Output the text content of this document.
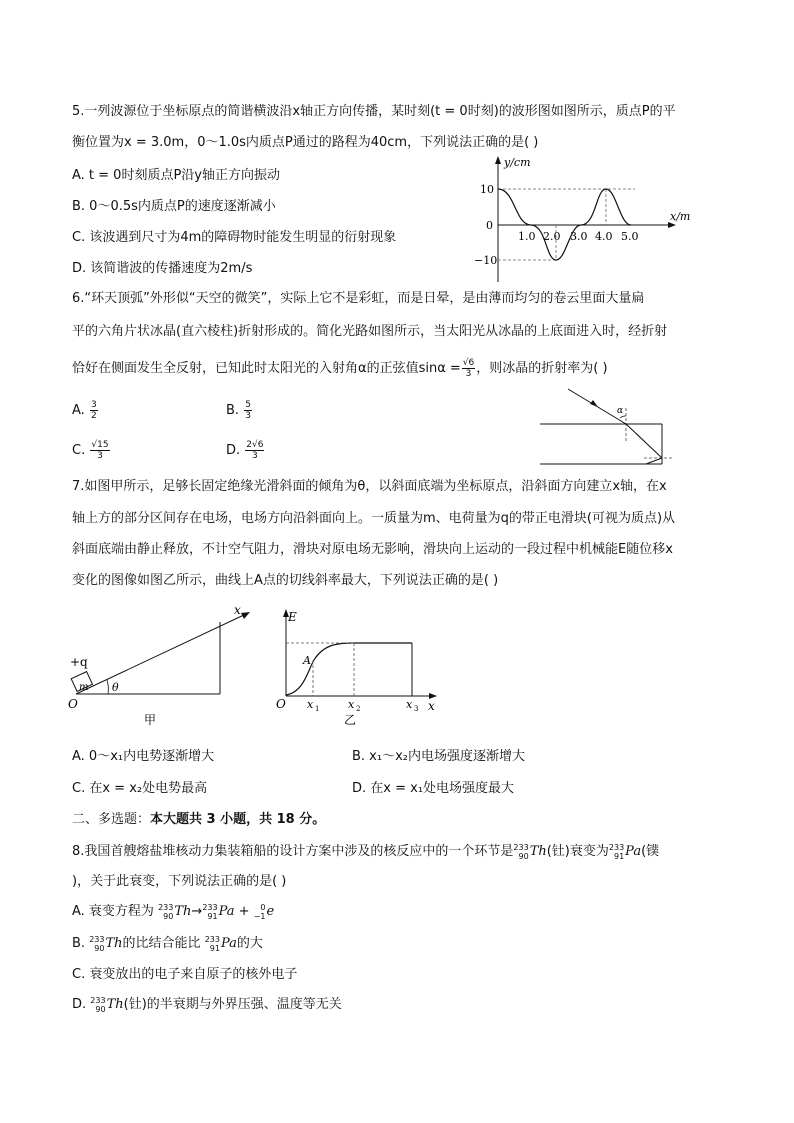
5.一列波源位于坐标原点的简谐横波沿x轴正方向传播，某时刻(t = 0时刻)的波形图如图所示，质点P的平
衡位置为x = 3.0m，0～1.0s内质点P通过的路程为40cm，下列说法正确的是( )
A. t = 0时刻质点P沿y轴正方向振动
B. 0～0.5s内质点P的速度逐渐减小
C. 该波遇到尺寸为4m的障碍物时能发生明显的衍射现象
D. 该简谐波的传播速度为2m/s
y/cm
x/m
10
0
−10
1.0 2.0 3.0 4.0 5.0
6.“环天顶弧”外形似“天空的微笑”，实际上它不是彩虹，而是日晕，是由薄而均匀的卷云里面大量扁
平的六角片状冰晶(直六棱柱)折射形成的。简化光路如图所示，当太阳光从冰晶的上底面进入时，经折射
恰好在侧面发生全反射，已知此时太阳光的入射角α的正弦值$\sin\alpha = \frac{√6}{3}$ ，则冰晶的折射率为( )
A. $\frac{3}{2}$	B. $\frac{5}{3}$
C. $\frac{√15}{3}$	D. $\frac{2√6}{3}$
α
7.如图甲所示，足够长固定绝缘光滑斜面的倾角为θ，以斜面底端为坐标原点，沿斜面方向建立x轴，在x
轴上方的部分区间存在电场，电场方向沿斜面向上。一质量为m、电荷量为q的带正电滑块(可视为质点)从
斜面底端由静止释放，不计空气阻力，滑块对原电场无影响，滑块向上运动的一段过程中机械能E随位移x
变化的图像如图乙所示，曲线上A点的切线斜率最大，下列说法正确的是( )
m
+q
θ
x
O
甲
E
x
A
O x 1	x 2	x 3
乙
A. 0～x₁内电势逐渐增大	B. x₁～x₂内电场强度逐渐增大
C. 在x = x₂处电势最高	D. 在x = x₁处电场强度最大
二、多选题：本大题共 3 小题，共 18 分。
8.我国首艘熔盐堆核动力集装箱船的设计方案中涉及的核反应中的一个环节是 233
90 Th(钍)衰变为 233
91 Pa(镤
)，关于此衰变，下列说法正确的是( )
A. 衰变方程为 233
90 Th→ 233
91 Pa +	0
−1 e
B. 233
90 Th的比结合能比 233
91 Pa的大
C. 衰变放出的电子来自原子的核外电子
D. 233
90 Th(钍)的半衰期与外界压强、温度等无关
